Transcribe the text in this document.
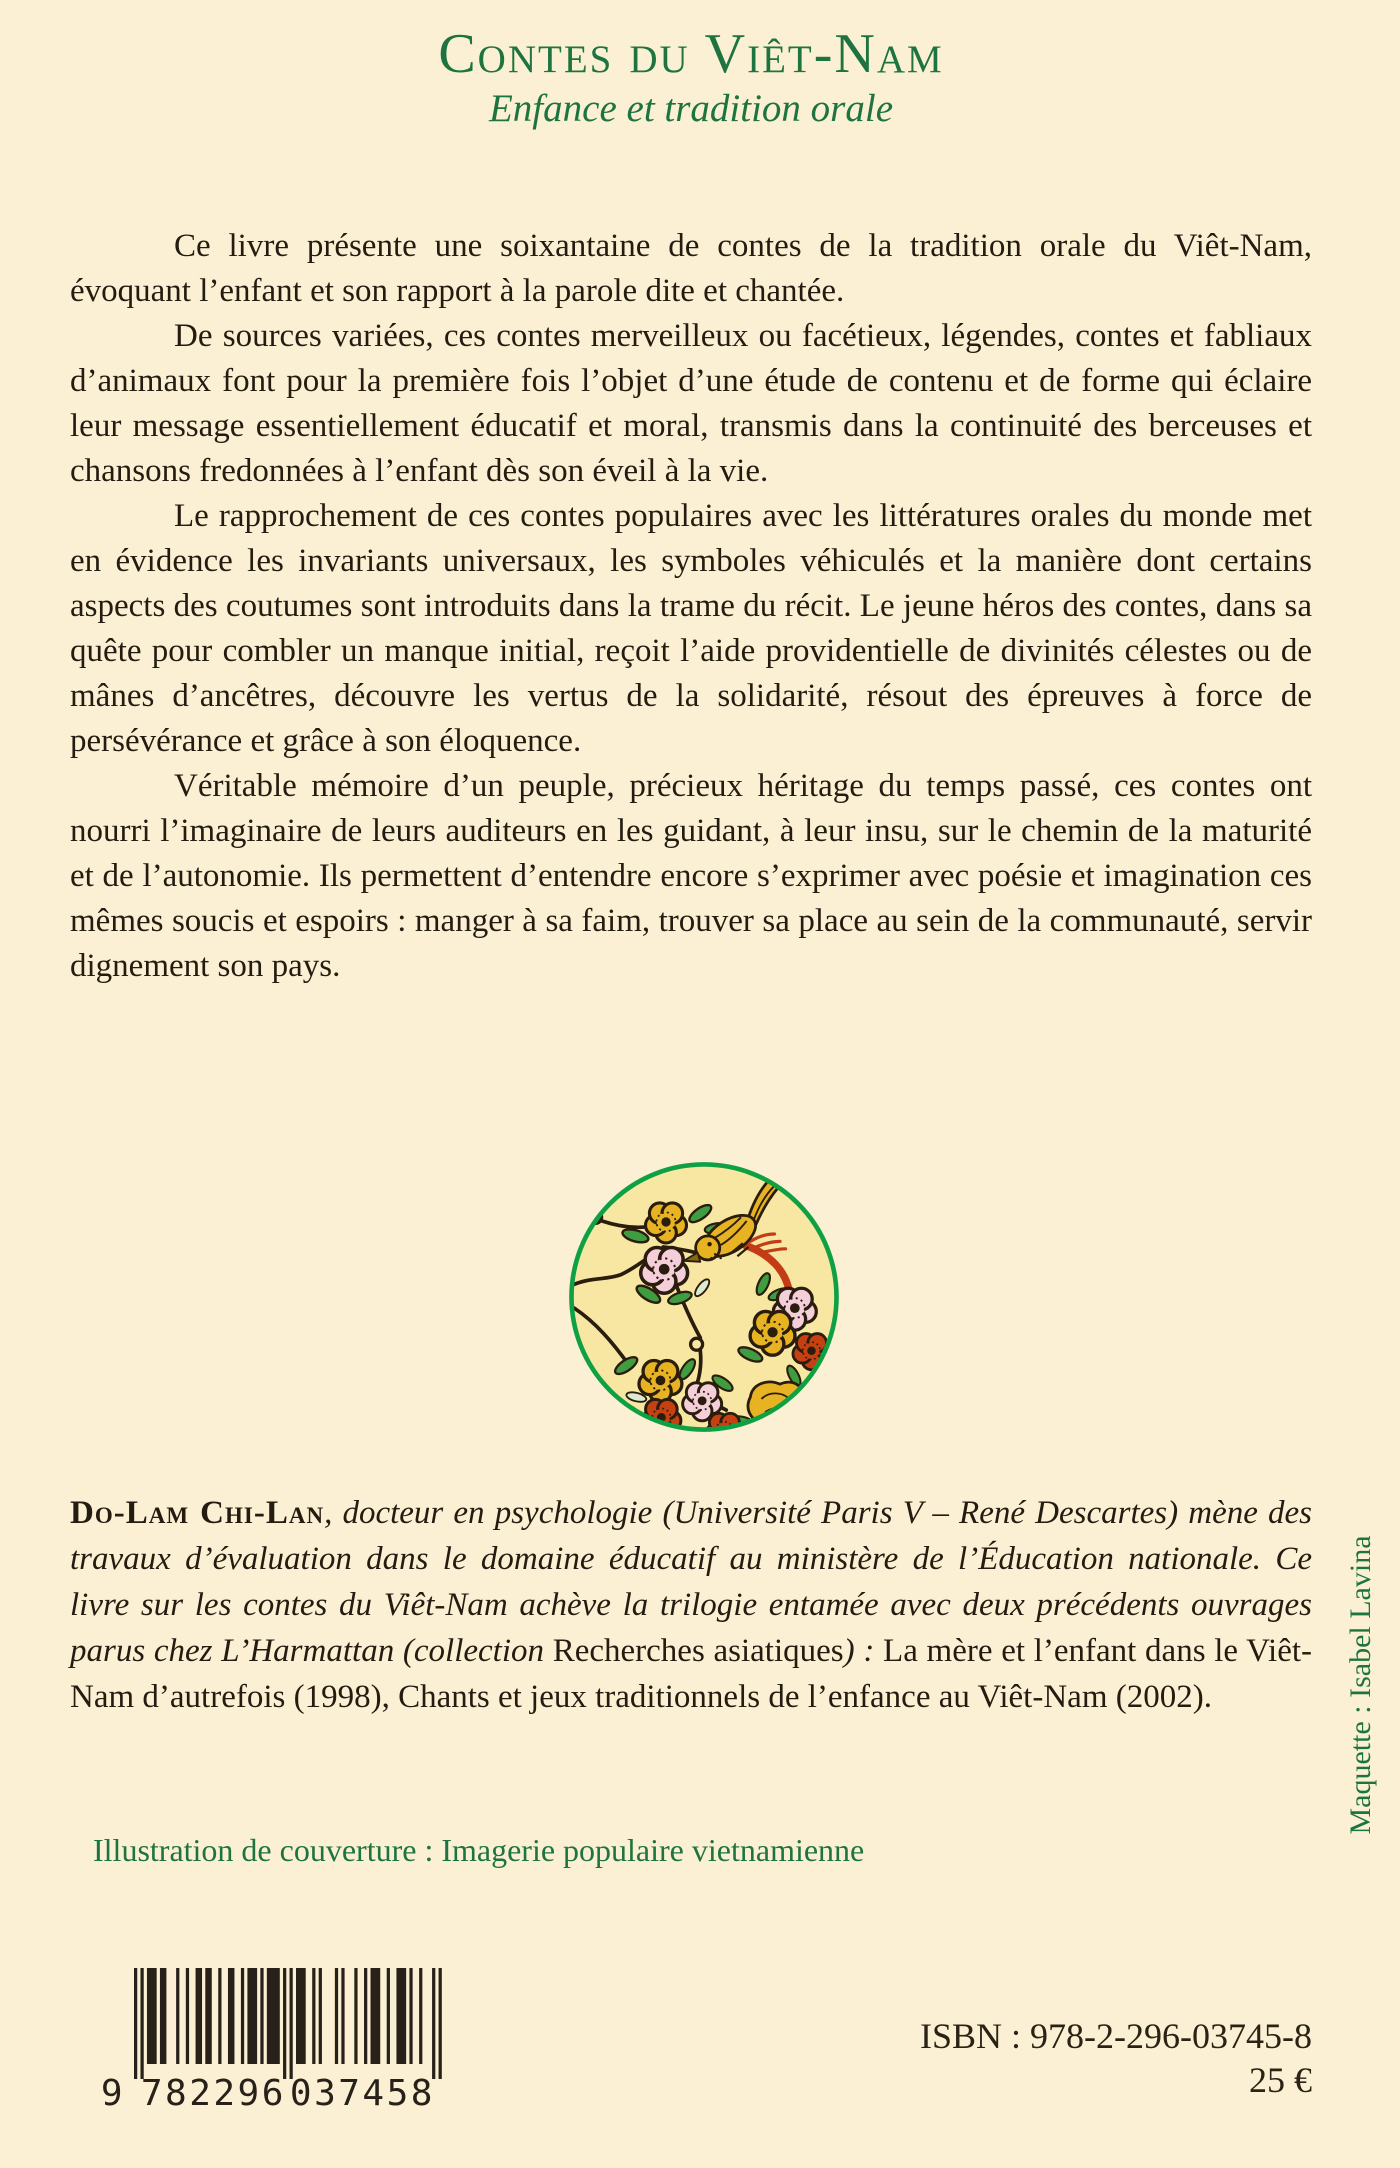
Contes du Viêt-Nam
Enfance et tradition orale

Ce livre présente une soixantaine de contes de la tradition orale du Viêt-Nam, évoquant l’enfant et son rapport à la parole dite et chantée.

De sources variées, ces contes merveilleux ou facétieux, légendes, contes et fabliaux d’animaux font pour la première fois l’objet d’une étude de contenu et de forme qui éclaire leur message essentiellement éducatif et moral, transmis dans la continuité des berceuses et chansons fredonnées à l’enfant dès son éveil à la vie.

Le rapprochement de ces contes populaires avec les littératures orales du monde met en évidence les invariants universaux, les symboles véhiculés et la manière dont certains aspects des coutumes sont introduits dans la trame du récit. Le jeune héros des contes, dans sa quête pour combler un manque initial, reçoit l’aide providentielle de divinités célestes ou de mânes d’ancêtres, découvre les vertus de la solidarité, résout des épreuves à force de persévérance et grâce à son éloquence.

Véritable mémoire d’un peuple, précieux héritage du temps passé, ces contes ont nourri l’imaginaire de leurs auditeurs en les guidant, à leur insu, sur le chemin de la maturité et de l’autonomie. Ils permettent d’entendre encore s’exprimer avec poésie et imagination ces mêmes soucis et espoirs : manger à sa faim, trouver sa place au sein de la communauté, servir dignement son pays.

Do-Lam Chi-Lan, docteur en psychologie (Université Paris V – René Descartes) mène des travaux d’évaluation dans le domaine éducatif au ministère de l’Éducation nationale. Ce livre sur les contes du Viêt-Nam achève la trilogie entamée avec deux précédents ouvrages parus chez L’Harmattan (collection Recherches asiatiques) : La mère et l’enfant dans le Viêt-Nam d’autrefois (1998), Chants et jeux traditionnels de l’enfance au Viêt-Nam (2002).

Illustration de couverture : Imagerie populaire vietnamienne
Maquette : Isabel Lavina
9 782296 037458
ISBN : 978-2-296-03745-8
25 €
